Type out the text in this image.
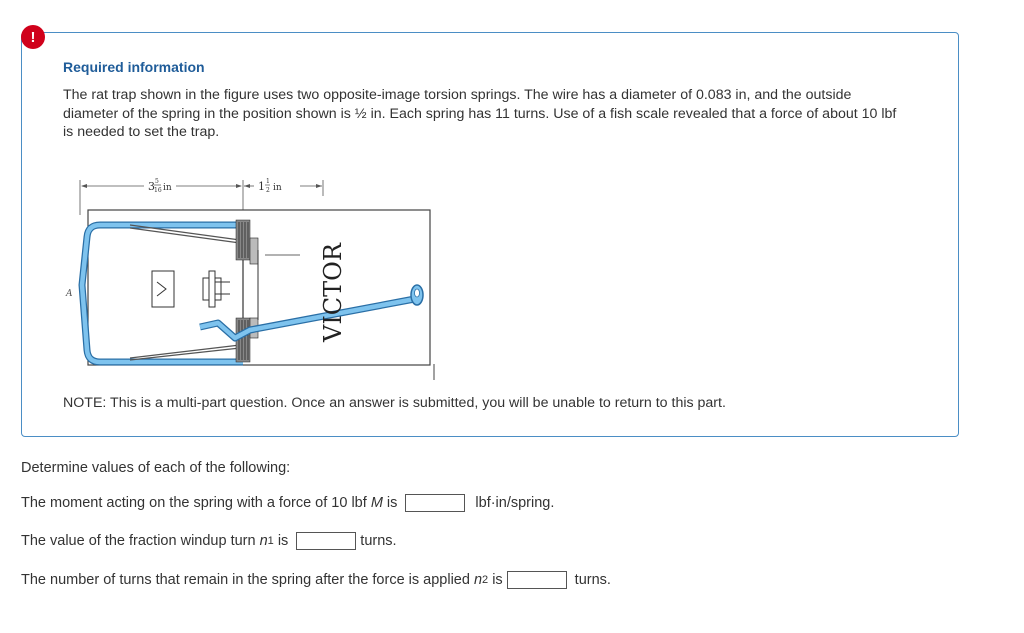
!
Required information
The rat trap shown in the figure uses two opposite-image torsion springs. The wire has a diameter of 0.083 in, and the outside diameter of the spring in the position shown is ½ in. Each spring has 11 turns. Use of a fish scale revealed that a force of about 10 lbf is needed to set the trap.
3 5
16 in	1 1
2 in
A	VICTOR
NOTE: This is a multi-part question. Once an answer is submitted, you will be unable to return to this part.
Determine values of each of the following:
The moment acting on the spring with a force of 10 lbf M is	lbf·in/spring.
The value of the fraction windup turn n 1 is	turns.
The number of turns that remain in the spring after the force is applied n 2 is	turns.
